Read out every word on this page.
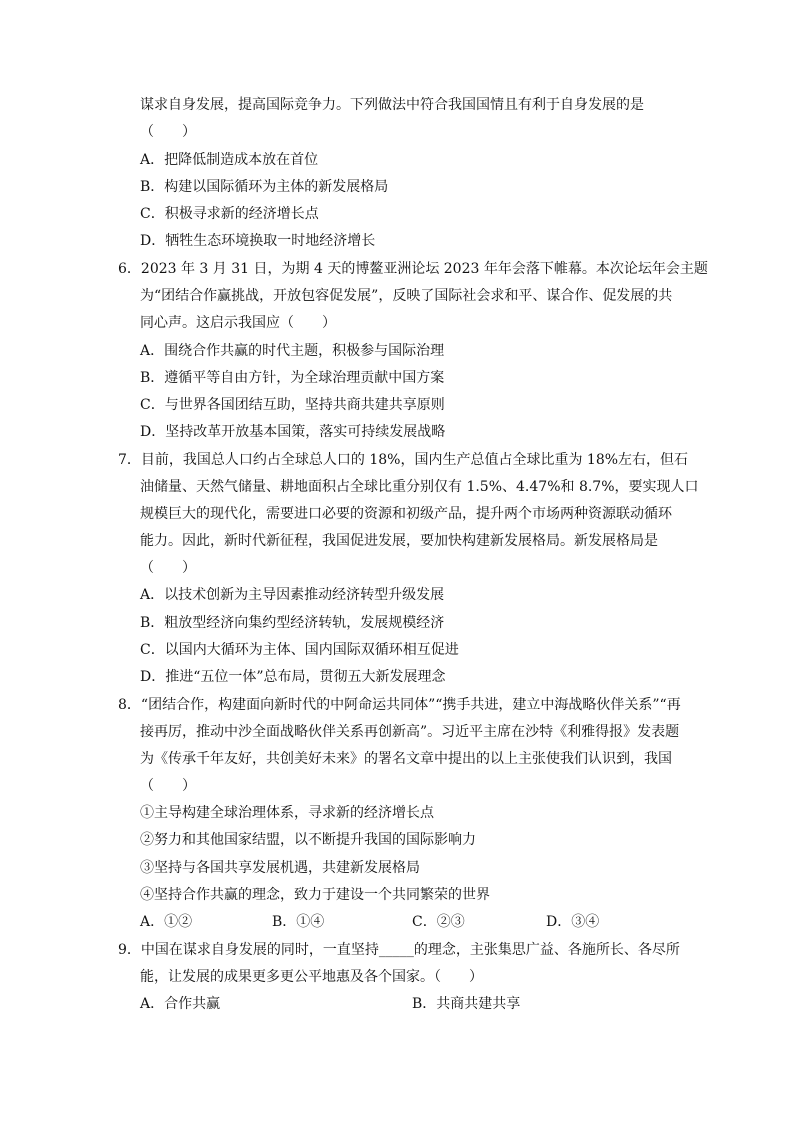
谋求自身发展，提高国际竞争力。下列做法中符合我国国情且有利于自身发展的是
（　　）
A．把降低制造成本放在首位
B．构建以国际循环为主体的新发展格局
C．积极寻求新的经济增长点
D．牺牲生态环境换取一时地经济增长
6．2023 年 3 月 31 日，为期 4 天的博鳌亚洲论坛 2023 年年会落下帷幕。本次论坛年会主题
为“团结合作赢挑战，开放包容促发展”，反映了国际社会求和平、谋合作、促发展的共
同心声。这启示我国应（　　）
A．围绕合作共赢的时代主题，积极参与国际治理
B．遵循平等自由方针，为全球治理贡献中国方案
C．与世界各国团结互助，坚持共商共建共享原则
D．坚持改革开放基本国策，落实可持续发展战略
7．目前，我国总人口约占全球总人口的 18%，国内生产总值占全球比重为 18%左右，但石
油储量、天然气储量、耕地面积占全球比重分别仅有 1.5%、4.47%和 8.7%，要实现人口
规模巨大的现代化，需要进口必要的资源和初级产品，提升两个市场两种资源联动循环
能力。因此，新时代新征程，我国促进发展，要加快构建新发展格局。新发展格局是
（　　）
A．以技术创新为主导因素推动经济转型升级发展
B．粗放型经济向集约型经济转轨，发展规模经济
C．以国内大循环为主体、国内国际双循环相互促进
D．推进“五位一体”总布局，贯彻五大新发展理念
8．“团结合作，构建面向新时代的中阿命运共同体”“携手共进，建立中海战略伙伴关系”“再
接再厉，推动中沙全面战略伙伴关系再创新高”。习近平主席在沙特《利雅得报》发表题
为《传承千年友好，共创美好未来》的署名文章中提出的以上主张使我们认识到，我国
（　　）
①主导构建全球治理体系，寻求新的经济增长点
②努力和其他国家结盟，以不断提升我国的国际影响力
③坚持与各国共享发展机遇，共建新发展格局
④坚持合作共赢的理念，致力于建设一个共同繁荣的世界
A．①②	B．①④	C．②③	D．③④
9．中国在谋求自身发展的同时，一直坚持_____的理念，主张集思广益、各施所长、各尽所
能，让发展的成果更多更公平地惠及各个国家。（　　）
A．合作共赢	B．共商共建共享
